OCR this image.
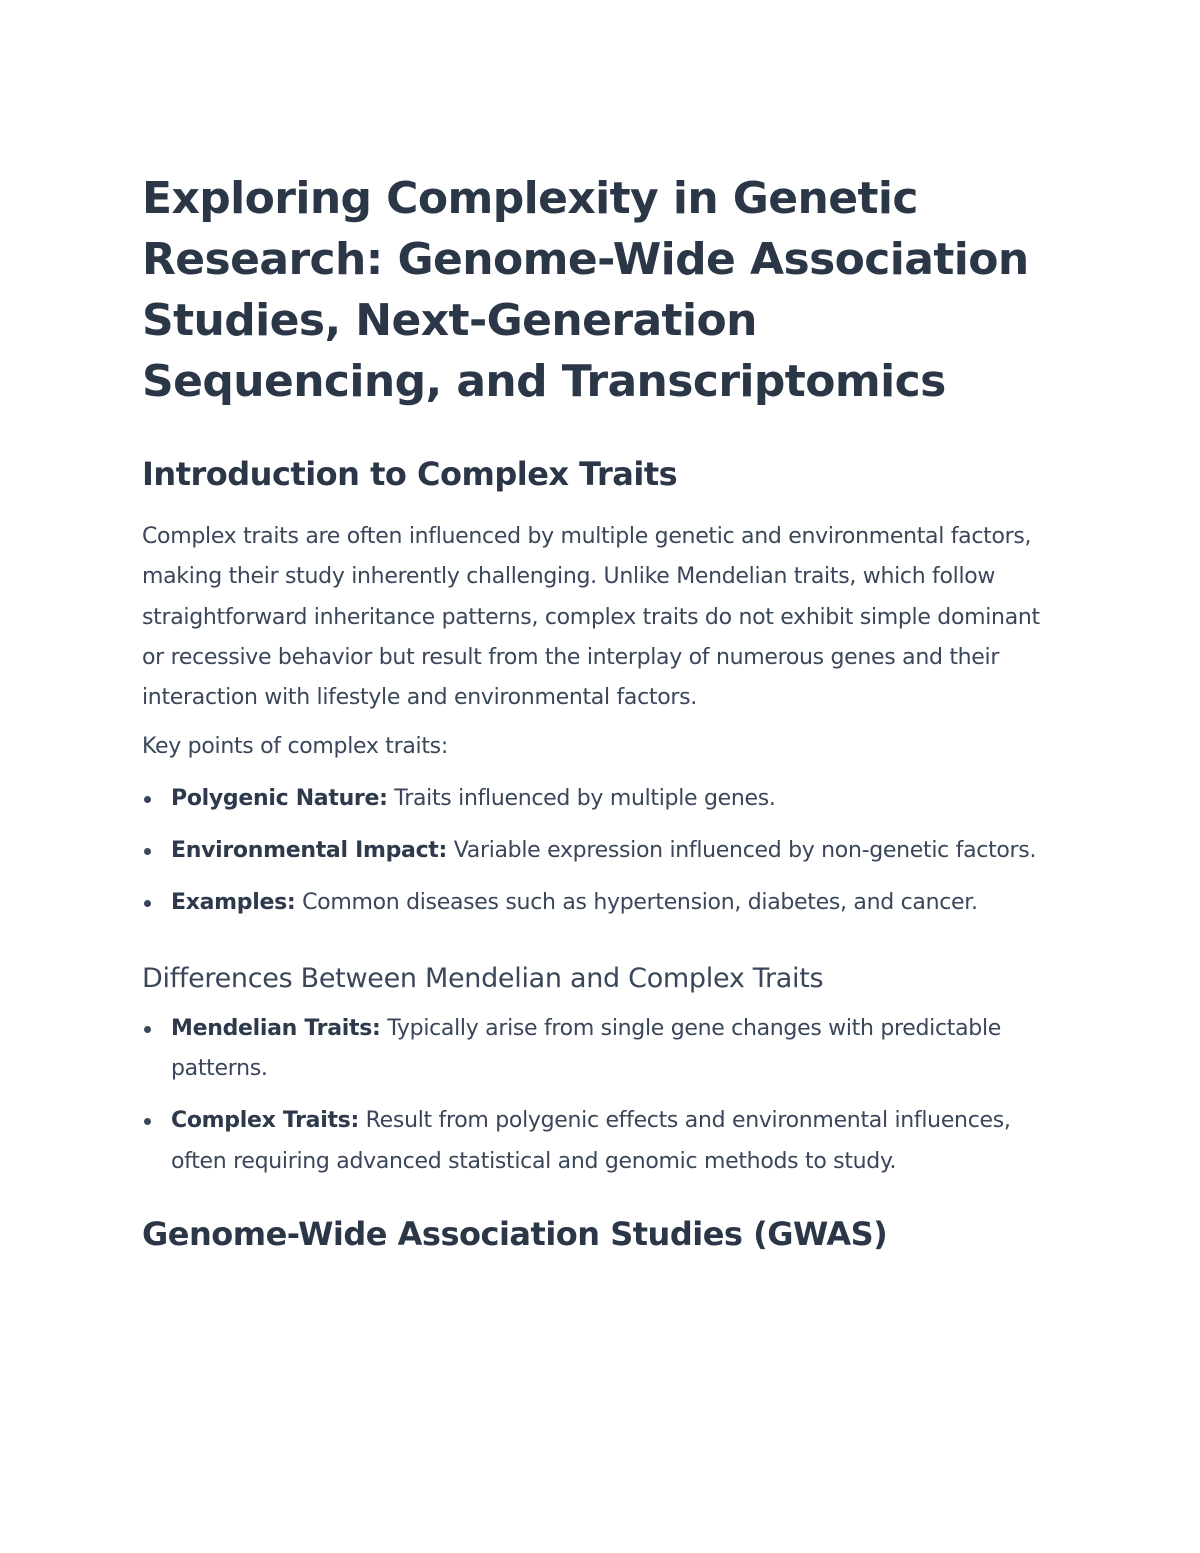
Exploring Complexity in Genetic Research: Genome-Wide Association Studies, Next-Generation Sequencing, and Transcriptomics
Introduction to Complex Traits

Complex traits are often influenced by multiple genetic and environmental factors, making their study inherently challenging. Unlike Mendelian traits, which follow straightforward inheritance patterns, complex traits do not exhibit simple dominant or recessive behavior but result from the interplay of numerous genes and their interaction with lifestyle and environmental factors.

Key points of complex traits:

Polygenic Nature: Traits influenced by multiple genes.
Environmental Impact: Variable expression influenced by non-genetic factors.
Examples: Common diseases such as hypertension, diabetes, and cancer.
Differences Between Mendelian and Complex Traits
Mendelian Traits: Typically arise from single gene changes with predictable patterns.
Complex Traits: Result from polygenic effects and environmental influences, often requiring advanced statistical and genomic methods to study.
Genome-Wide Association Studies (GWAS)
